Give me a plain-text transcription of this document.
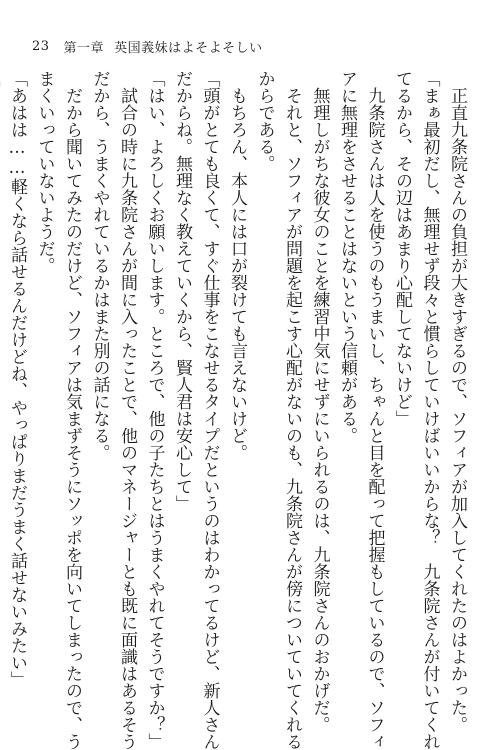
23 第一章 英国義妹はよそよそしい
　正直九条院さんの負担が大きすぎるので、ソフィアが加入してくれたのはよかった。
「まぁ最初だし、無理せず段々と慣らしていけばいいからな？　九条院さんが付いてくれ
てるから、その辺はあまり心配してないけど」
　九条院さんは人を使うのもうまいし、ちゃんと目を配って把握もしているので、ソフィ
アに無理をさせることはないという信頼がある。
　無理しがちな彼女のことを練習中気にせずにいられるのは、九条院さんのおかげだ。
　それと、ソフィアが問題を起こす心配がないのも、九条院さんが傍についていてくれる
からである。
　もちろん、本人には口が裂けても言えないけど。
「頭がとても良くて、すぐ仕事をこなせるタイプだというのはわかってるけど、新人さん
だからね。無理なく教えていくから、賢人君は安心して」
「はい、よろしくお願いします。ところで、他の子たちとはうまくやれてそうですか？」
　試合の時に九条院さんが間に入ったことで、他のマネージャーとも既に面識はあるそう
だから、うまくやれているかはまた別の話になる。
　だから聞いてみたのだけど、ソフィアは気まずそうにソッポを向いてしまったので、う
まくいっていないようだ。
「あはは……軽くなら話せるんだけどね、やっぱりまだうまく話せないみたい」
